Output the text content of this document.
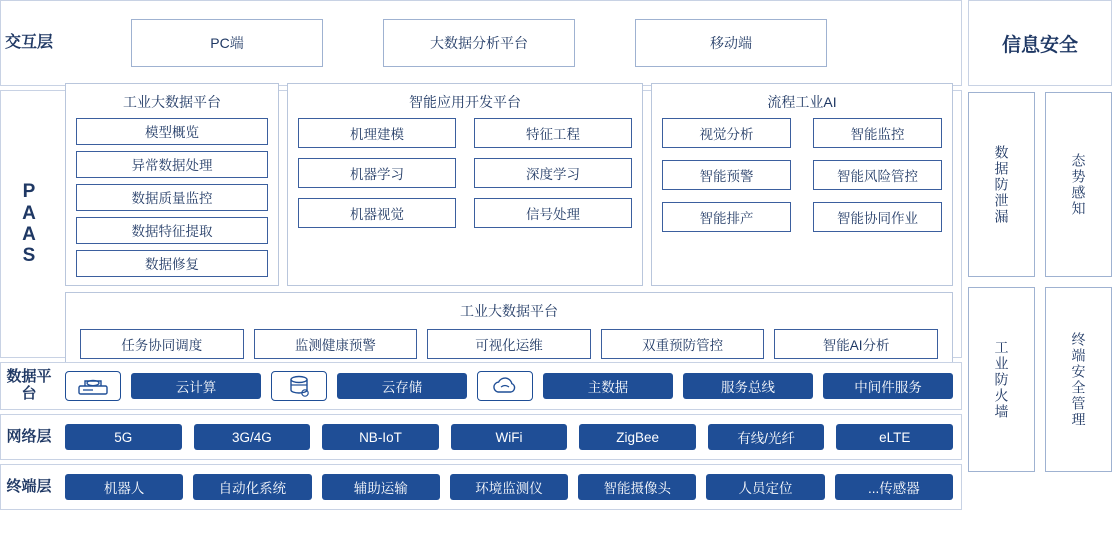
交互层	PC端	大数据分析平台	移动端
P
A
A
S
工业大数据平台
模型概览
异常数据处理
数据质量监控
数据特征提取
数据修复
智能应用开发平台
机理建模	特征工程
机器学习	深度学习
机器视觉	信号处理
流程工业AI
视觉分析	智能监控
智能预警	智能风险管控
智能排产	智能协同作业
工业大数据平台
任务协同调度	监测健康预警	可视化运维	双重预防管控	智能AI分析
数据平台	云计算	云存储	主数据	服务总线	中间件服务
网络层	5G	3G/4G	NB-IoT	WiFi	ZigBee	有线/光纤	eLTE
终端层	机器人	自动化系统	辅助运输	环境监测仪	智能摄像头	人员定位	...传感器
信息安全
数据防泄漏	态势感知
工业防火墙	终端安全管理
